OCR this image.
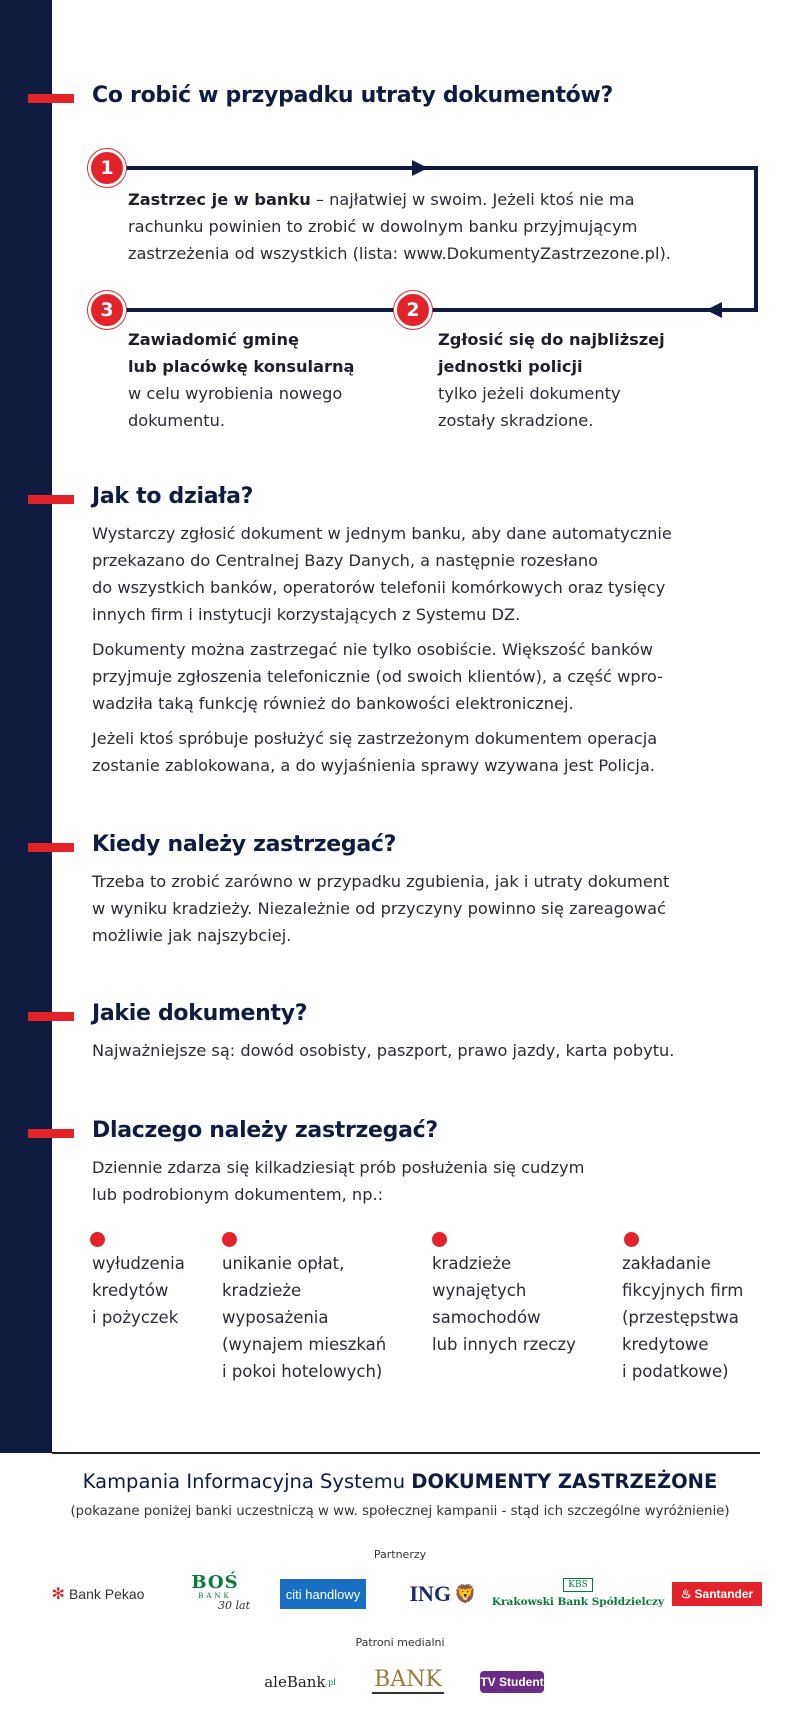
Co robić w przypadku utraty dokumentów?
1
2
3
Zastrzec je w banku – najłatwiej w swoim. Jeżeli ktoś nie ma
rachunku powinien to zrobić w dowolnym banku przyjmującym
zastrzeżenia od wszystkich (lista: www.DokumentyZastrzezone.pl).
Zawiadomić gminę
lub placówkę konsularną
w celu wyrobienia nowego
dokumentu.
Zgłosić się do najbliższej
jednostki policji
tylko jeżeli dokumenty
zostały skradzione.
Jak to działa?
Wystarczy zgłosić dokument w jednym banku, aby dane automatycznie
przekazano do Centralnej Bazy Danych, a następnie rozesłano
do wszystkich banków, operatorów telefonii komórkowych oraz tysięcy
innych firm i instytucji korzystających z Systemu DZ.
Dokumenty można zastrzegać nie tylko osobiście. Większość banków
przyjmuje zgłoszenia telefonicznie (od swoich klientów), a część wpro-
wadziła taką funkcję również do bankowości elektronicznej.
Jeżeli ktoś spróbuje posłużyć się zastrzeżonym dokumentem operacja
zostanie zablokowana, a do wyjaśnienia sprawy wzywana jest Policja.
Kiedy należy zastrzegać?
Trzeba to zrobić zarówno w przypadku zgubienia, jak i utraty dokument
w wyniku kradzieży. Niezależnie od przyczyny powinno się zareagować
możliwie jak najszybciej.
Jakie dokumenty?
Najważniejsze są: dowód osobisty, paszport, prawo jazdy, karta pobytu.
Dlaczego należy zastrzegać?
Dziennie zdarza się kilkadziesiąt prób posłużenia się cudzym
lub podrobionym dokumentem, np.:
wyłudzenia
kredytów
i pożyczek
unikanie opłat,
kradzieże
wyposażenia
(wynajem mieszkań
i pokoi hotelowych)
kradzieże
wynajętych
samochodów
lub innych rzeczy
zakładanie
fikcyjnych firm
(przestępstwa
kredytowe
i podatkowe)
Kampania Informacyjna Systemu DOKUMENTY ZASTRZEŻONE
(pokazane poniżej banki uczestniczą w ww. społecznej kampanii - stąd ich szczególne wyróżnienie)
Partnerzy
✻ Bank Pekao
BOŚ
BANK
30 lat
citi handlowy ING 🦁	KBS
Krakowski Bank Spółdzielczy
♨ Santander
Patroni medialni
aleBank .pl BANK	TV Student
